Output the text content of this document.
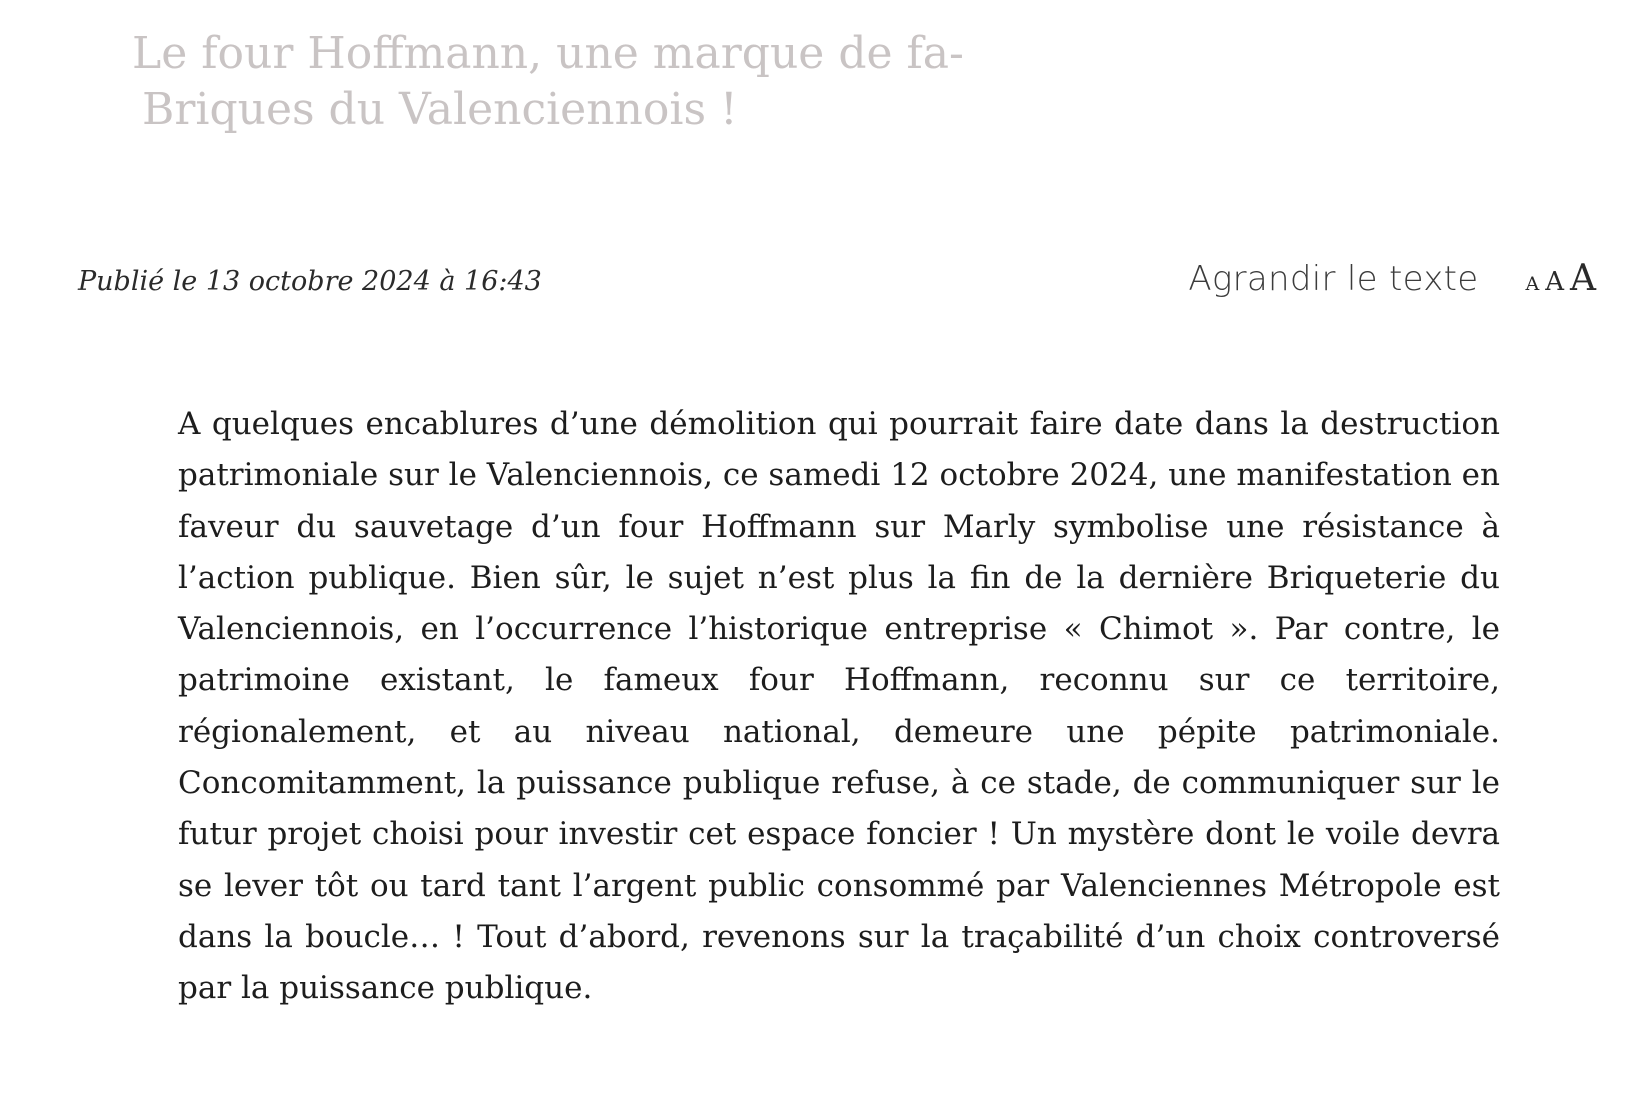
Le four Hoffmann, une marque de fa-
Briques du Valenciennois !
Publié le 13 octobre 2024 à 16:43	Agrandir le texte A A A

A quelques encablures d’une démolition qui pourrait faire date dans la destruction patrimoniale sur le Valenciennois, ce samedi 12 octobre 2024, une manifestation en faveur du sauvetage d’un four Hoffmann sur Marly symbolise une résistance à l’action publique. Bien sûr, le sujet n’est plus la fin de la dernière Briqueterie du Valenciennois, en l’occurrence l’historique entreprise « Chimot ». Par contre, le patrimoine existant, le fameux four Hoffmann, reconnu sur ce territoire, régionalement, et au niveau national, demeure une pépite patrimoniale. Concomitamment, la puissance publique refuse, à ce stade, de communiquer sur le futur projet choisi pour investir cet espace foncier ! Un mystère dont le voile devra se lever tôt ou tard tant l’argent public consommé par Valenciennes Métropole est dans la boucle… ! Tout d’abord, revenons sur la traçabilité d’un choix controversé par la puissance publique.
